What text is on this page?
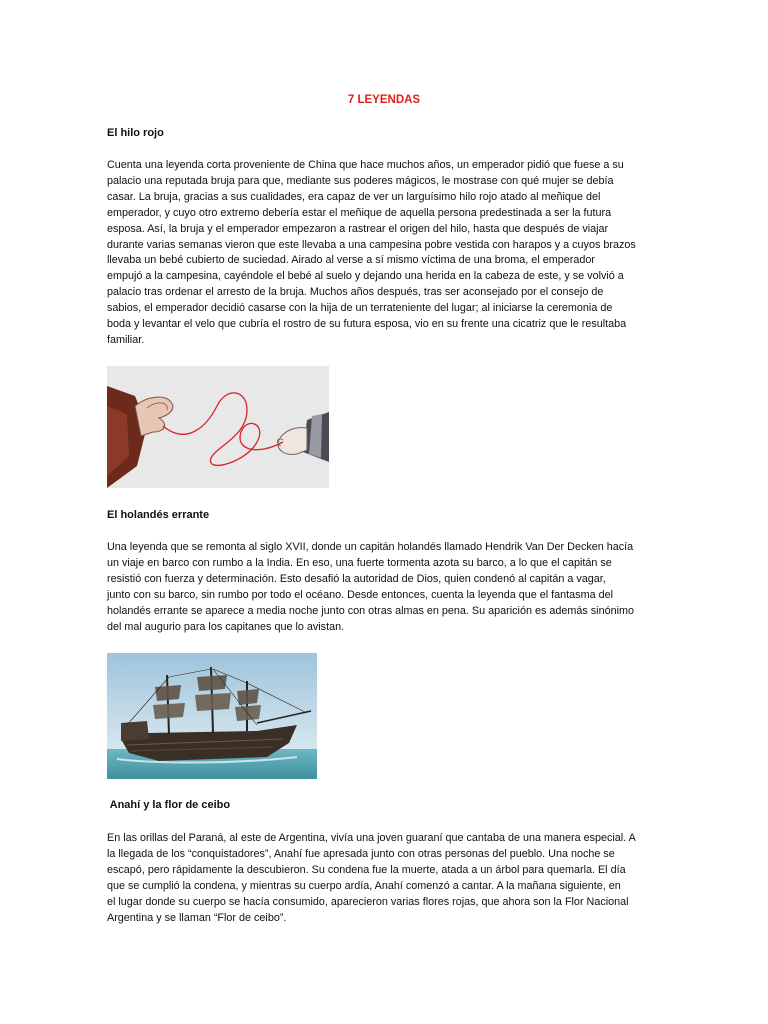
7 LEYENDAS
El hilo rojo
Cuenta una leyenda corta proveniente de China que hace muchos años, un emperador pidió que fuese a su
palacio una reputada bruja para que, mediante sus poderes mágicos, le mostrase con qué mujer se debía
casar. La bruja, gracias a sus cualidades, era capaz de ver un larguísimo hilo rojo atado al meñique del
emperador, y cuyo otro extremo debería estar el meñique de aquella persona predestinada a ser la futura
esposa. Así, la bruja y el emperador empezaron a rastrear el origen del hilo, hasta que después de viajar
durante varias semanas vieron que este llevaba a una campesina pobre vestida con harapos y a cuyos brazos
llevaba un bebé cubierto de suciedad. Airado al verse a sí mismo víctima de una broma, el emperador
empujó a la campesina, cayéndole el bebé al suelo y dejando una herida en la cabeza de este, y se volvió a
palacio tras ordenar el arresto de la bruja. Muchos años después, tras ser aconsejado por el consejo de
sabios, el emperador decidió casarse con la hija de un terrateniente del lugar; al iniciarse la ceremonia de
boda y levantar el velo que cubría el rostro de su futura esposa, vio en su frente una cicatriz que le resultaba
familiar.
El holandés errante
Una leyenda que se remonta al siglo XVII, donde un capitán holandés llamado Hendrik Van Der Decken hacía
un viaje en barco con rumbo a la India. En eso, una fuerte tormenta azota su barco, a lo que el capitán se
resistió con fuerza y determinación. Esto desafió la autoridad de Dios, quien condenó al capitán a vagar,
junto con su barco, sin rumbo por todo el océano. Desde entonces, cuenta la leyenda que el fantasma del
holandés errante se aparece a media noche junto con otras almas en pena. Su aparición es además sinónimo
del mal augurio para los capitanes que lo avistan.
Anahí y la flor de ceibo
En las orillas del Paraná, al este de Argentina, vivía una joven guaraní que cantaba de una manera especial. A
la llegada de los “conquistadores”, Anahí fue apresada junto con otras personas del pueblo. Una noche se
escapó, pero rápidamente la descubieron. Su condena fue la muerte, atada a un árbol para quemarla. El día
que se cumplió la condena, y mientras su cuerpo ardía, Anahí comenzó a cantar. A la mañana siguiente, en
el lugar donde su cuerpo se hacía consumido, aparecieron varias flores rojas, que ahora son la Flor Nacional
Argentina y se llaman “Flor de ceibo”.
